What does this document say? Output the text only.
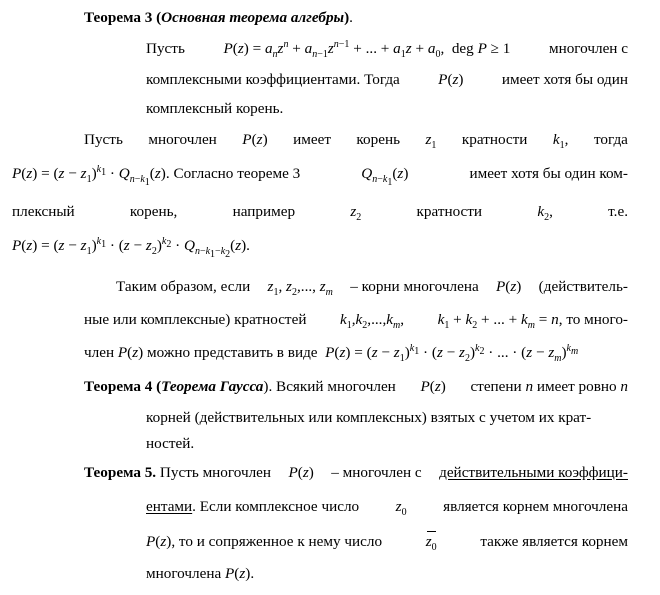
Теорема 3 (Основная теорема алгебры).
Пусть	$P(z) = a_nz^n + a_{n-1}z^{n-1}$ + ... + $a_1z + a_0$,  deg P ≥ 1	многочлен с
комплексными коэффициентами. Тогда	P(z)	имеет хотя бы один
комплексный корень.
Пусть многочлен P(z) имеет корень $z_1$ кратности $k_1$, тогда
$P(z) = (z - z_1)^{k_1} \cdot Q_{n-k_1}(z)$. Согласно теореме 3	$Q_{n-k_1}(z)$	имеет хотя бы один ком-
плексный	корень,	например	$z_2$	кратности	$k_2$,	т.е.
$P(z) = (z - z_1)^{k_1} \cdot (z - z_2)^{k_2} \cdot Q_{n-k_1-k_2}(z)$.
Таким образом, если $z_1$, $z_2$,..., $z_m$ – корни многочлена P(z) (действитель-
ные или комплексные) кратностей $k_1,k_2,...,k_m$, $k_1 + k_2$ + ... + $k_m = n$, то много-
член P(z) можно представить в виде $P(z) = (z - z_1)^{k_1} \cdot (z - z_2)^{k_2}$ · ... · $(z - z_m)^{k_m}$
Теорема 4 (Теорема Гаусса). Всякий многочлен P(z) степени n имеет ровно n
корней (действительных или комплексных) взятых с учетом их крат-
ностей.
Теорема 5. Пусть многочлен P(z) – многочлен с действительными коэффици-
ентами. Если комплексное число $z_0$ является корнем многочлена
P(z), то и сопряженное к нему число	$z_0$	также является корнем
многочлена P(z).
